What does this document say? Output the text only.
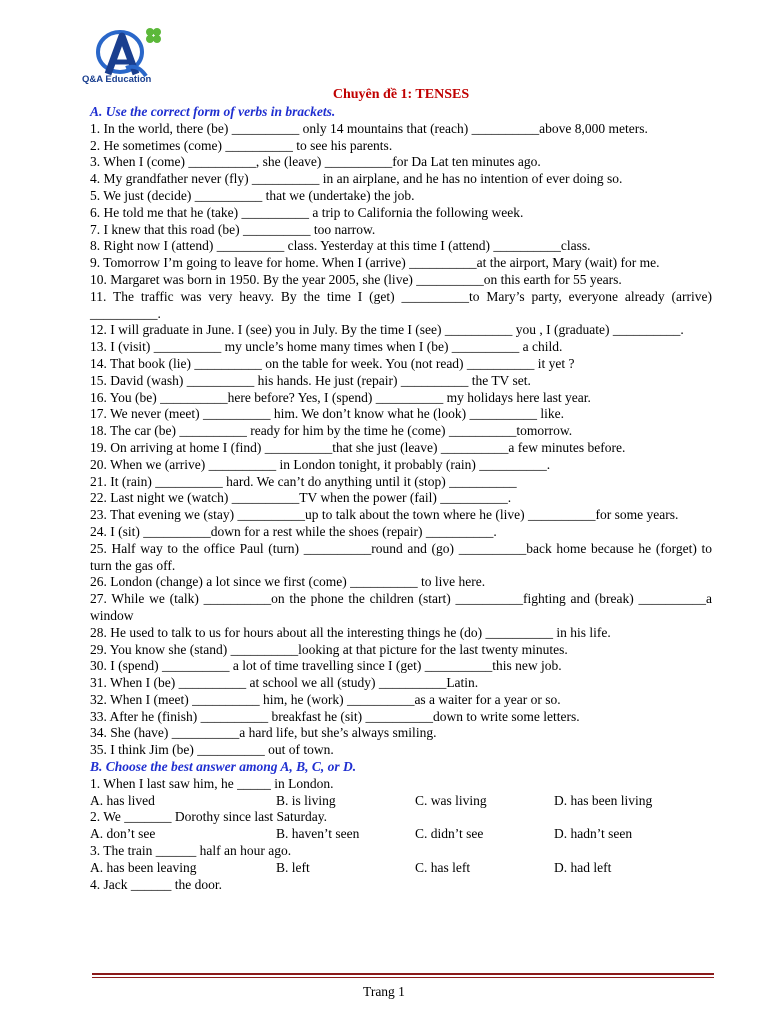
Q&A Education
Chuyên đề 1: TENSES
A. Use the correct form of verbs in brackets.
1. In the world, there (be) __________ only 14 mountains that (reach) __________above 8,000 meters.
2. He sometimes (come) __________ to see his parents.
3. When I (come) __________, she (leave) __________for Da Lat ten minutes ago.
4. My grandfather never (fly) __________ in an airplane, and he has no intention of ever doing so.
5. We just (decide) __________ that we (undertake) the job.
6. He told me that he (take) __________ a trip to California the following week.
7. I knew that this road (be) __________ too narrow.
8. Right now I (attend) __________ class. Yesterday at this time I (attend) __________class.
9. Tomorrow I’m going to leave for home. When I (arrive) __________at the airport, Mary (wait) for me.
10. Margaret was born in 1950. By the year 2005, she (live) __________on this earth for 55 years.
11. The traffic was very heavy. By the time I (get) __________to Mary’s party, everyone already (arrive) __________.
12. I will graduate in June. I (see) you in July. By the time I (see) __________ you , I (graduate) __________.
13. I (visit) __________ my uncle’s home many times when I (be) __________ a child.
14. That book (lie) __________ on the table for week. You (not read) __________ it yet ?
15. David (wash) __________ his hands. He just (repair) __________ the TV set.
16. You (be) __________here before? Yes, I (spend) __________ my holidays here last year.
17. We never (meet) __________ him. We don’t know what he (look) __________ like.
18. The car (be) __________ ready for him by the time he (come) __________tomorrow.
19. On arriving at home I (find) __________that she just (leave) __________a few minutes before.
20. When we (arrive) __________ in London tonight, it probably (rain) __________.
21. It (rain) __________ hard. We can’t do anything until it (stop) __________
22. Last night we (watch) __________TV when the power (fail) __________.
23. That evening we (stay) __________up to talk about the town where he (live) __________for some years.
24. I (sit) __________down for a rest while the shoes (repair) __________.
25. Half way to the office Paul (turn) __________round and (go) __________back home because he (forget) to turn the gas off.
26. London (change) a lot since we first (come) __________ to live here.
27. While we (talk) __________on the phone the children (start) __________fighting and (break) __________a window
28. He used to talk to us for hours about all the interesting things he (do) __________ in his life.
29. You know she (stand) __________looking at that picture for the last twenty minutes.
30. I (spend) __________ a lot of time travelling since I (get) __________this new job.
31. When I (be) __________ at school we all (study) __________Latin.
32. When I (meet) __________ him, he (work) __________as a waiter for a year or so.
33. After he (finish) __________ breakfast he (sit) __________down to write some letters.
34. She (have) __________a hard life, but she’s always smiling.
35. I think Jim (be) __________ out of town.
B. Choose the best answer among A, B, C, or D.
1. When I last saw him, he _____ in London.
A. has lived	B. is living	C. was living	D. has been living
2. We _______ Dorothy since last Saturday.
A. don’t see	B. haven’t seen	C. didn’t see	D. hadn’t seen
3. The train ______ half an hour ago.
A. has been leaving	B. left	C. has left	D. had left
4. Jack ______ the door.
Trang 1
